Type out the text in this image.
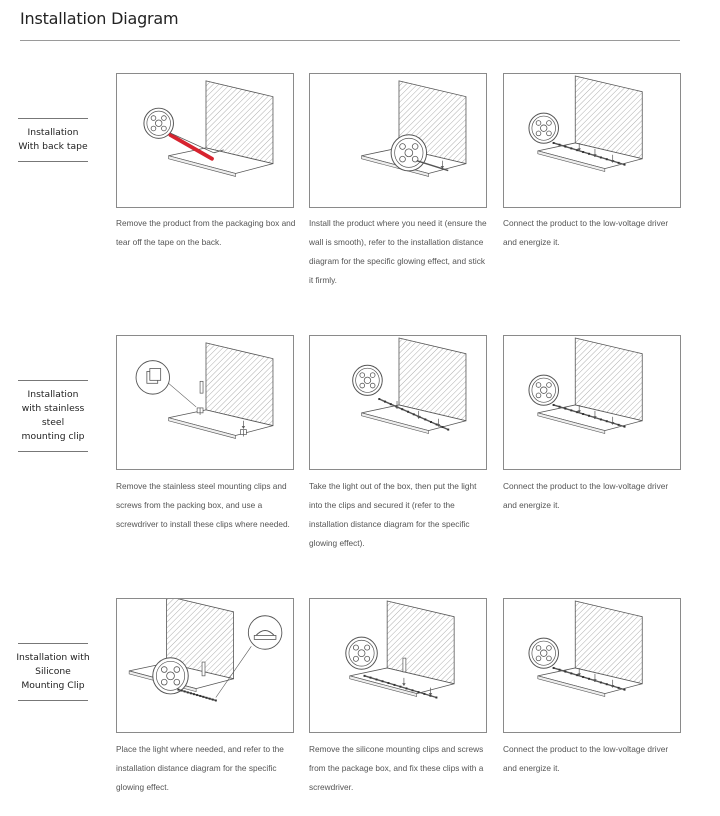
Installation Diagram
Installation
With back tape
Installation
with stainless steel
mounting clip
Installation with
Silicone
Mounting Clip
Remove the product from the packaging box and tear off the tape on the back.
Install the product where you need it (ensure the wall is smooth), refer to the installation distance diagram for the specific glowing effect, and stick it firmly.
Connect the product to the low-voltage driver and energize it.
Remove the stainless steel mounting clips and screws from the packing box, and use a screwdriver to install these clips where needed.
Take the light out of the box, then put the light into the clips and secured it (refer to the installation distance diagram for the specific glowing effect).
Connect the product to the low-voltage driver and energize it.
Place the light where needed, and refer to the installation distance diagram for the specific glowing effect.
Remove the silicone mounting clips and screws from the package box, and fix these clips with a screwdriver.
Connect the product to the low-voltage driver and energize it.
